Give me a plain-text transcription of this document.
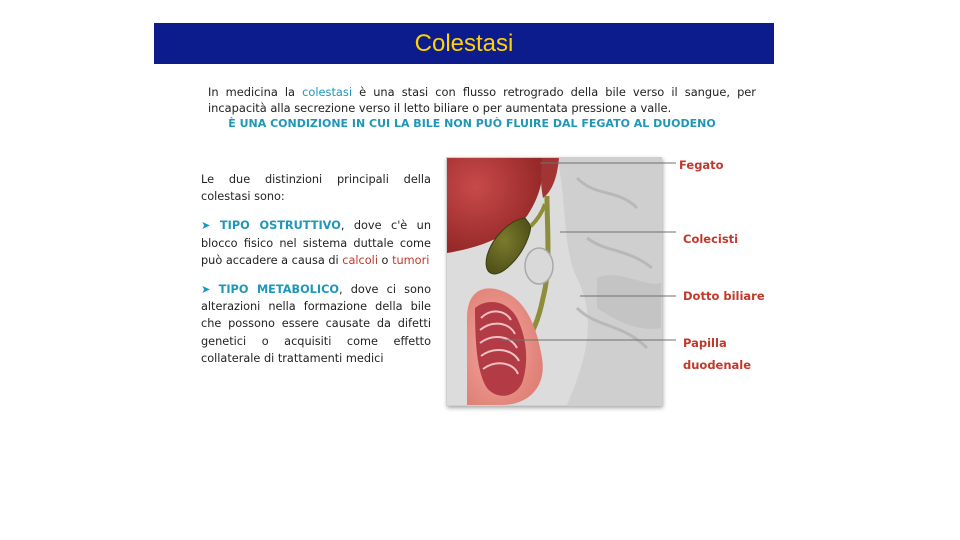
Colestasi
In medicina la colestasi è una stasi con flusso retrogrado della bile verso il sangue, per incapacità alla secrezione verso il letto biliare o per aumentata pressione a valle.
È UNA CONDIZIONE IN CUI LA BILE NON PUÒ FLUIRE DAL FEGATO AL DUODENO

Le due distinzioni principali della colestasi sono:

➤ TIPO OSTRUTTIVO, dove c'è un blocco fisico nel sistema duttale come può accadere a causa di calcoli o tumori

➤ TIPO METABOLICO, dove ci sono alterazioni nella formazione della bile che possono essere causate da difetti genetici o acquisiti come effetto collaterale di trattamenti medici

Fegato
Colecisti
Dotto biliare
Papilla
duodenale
